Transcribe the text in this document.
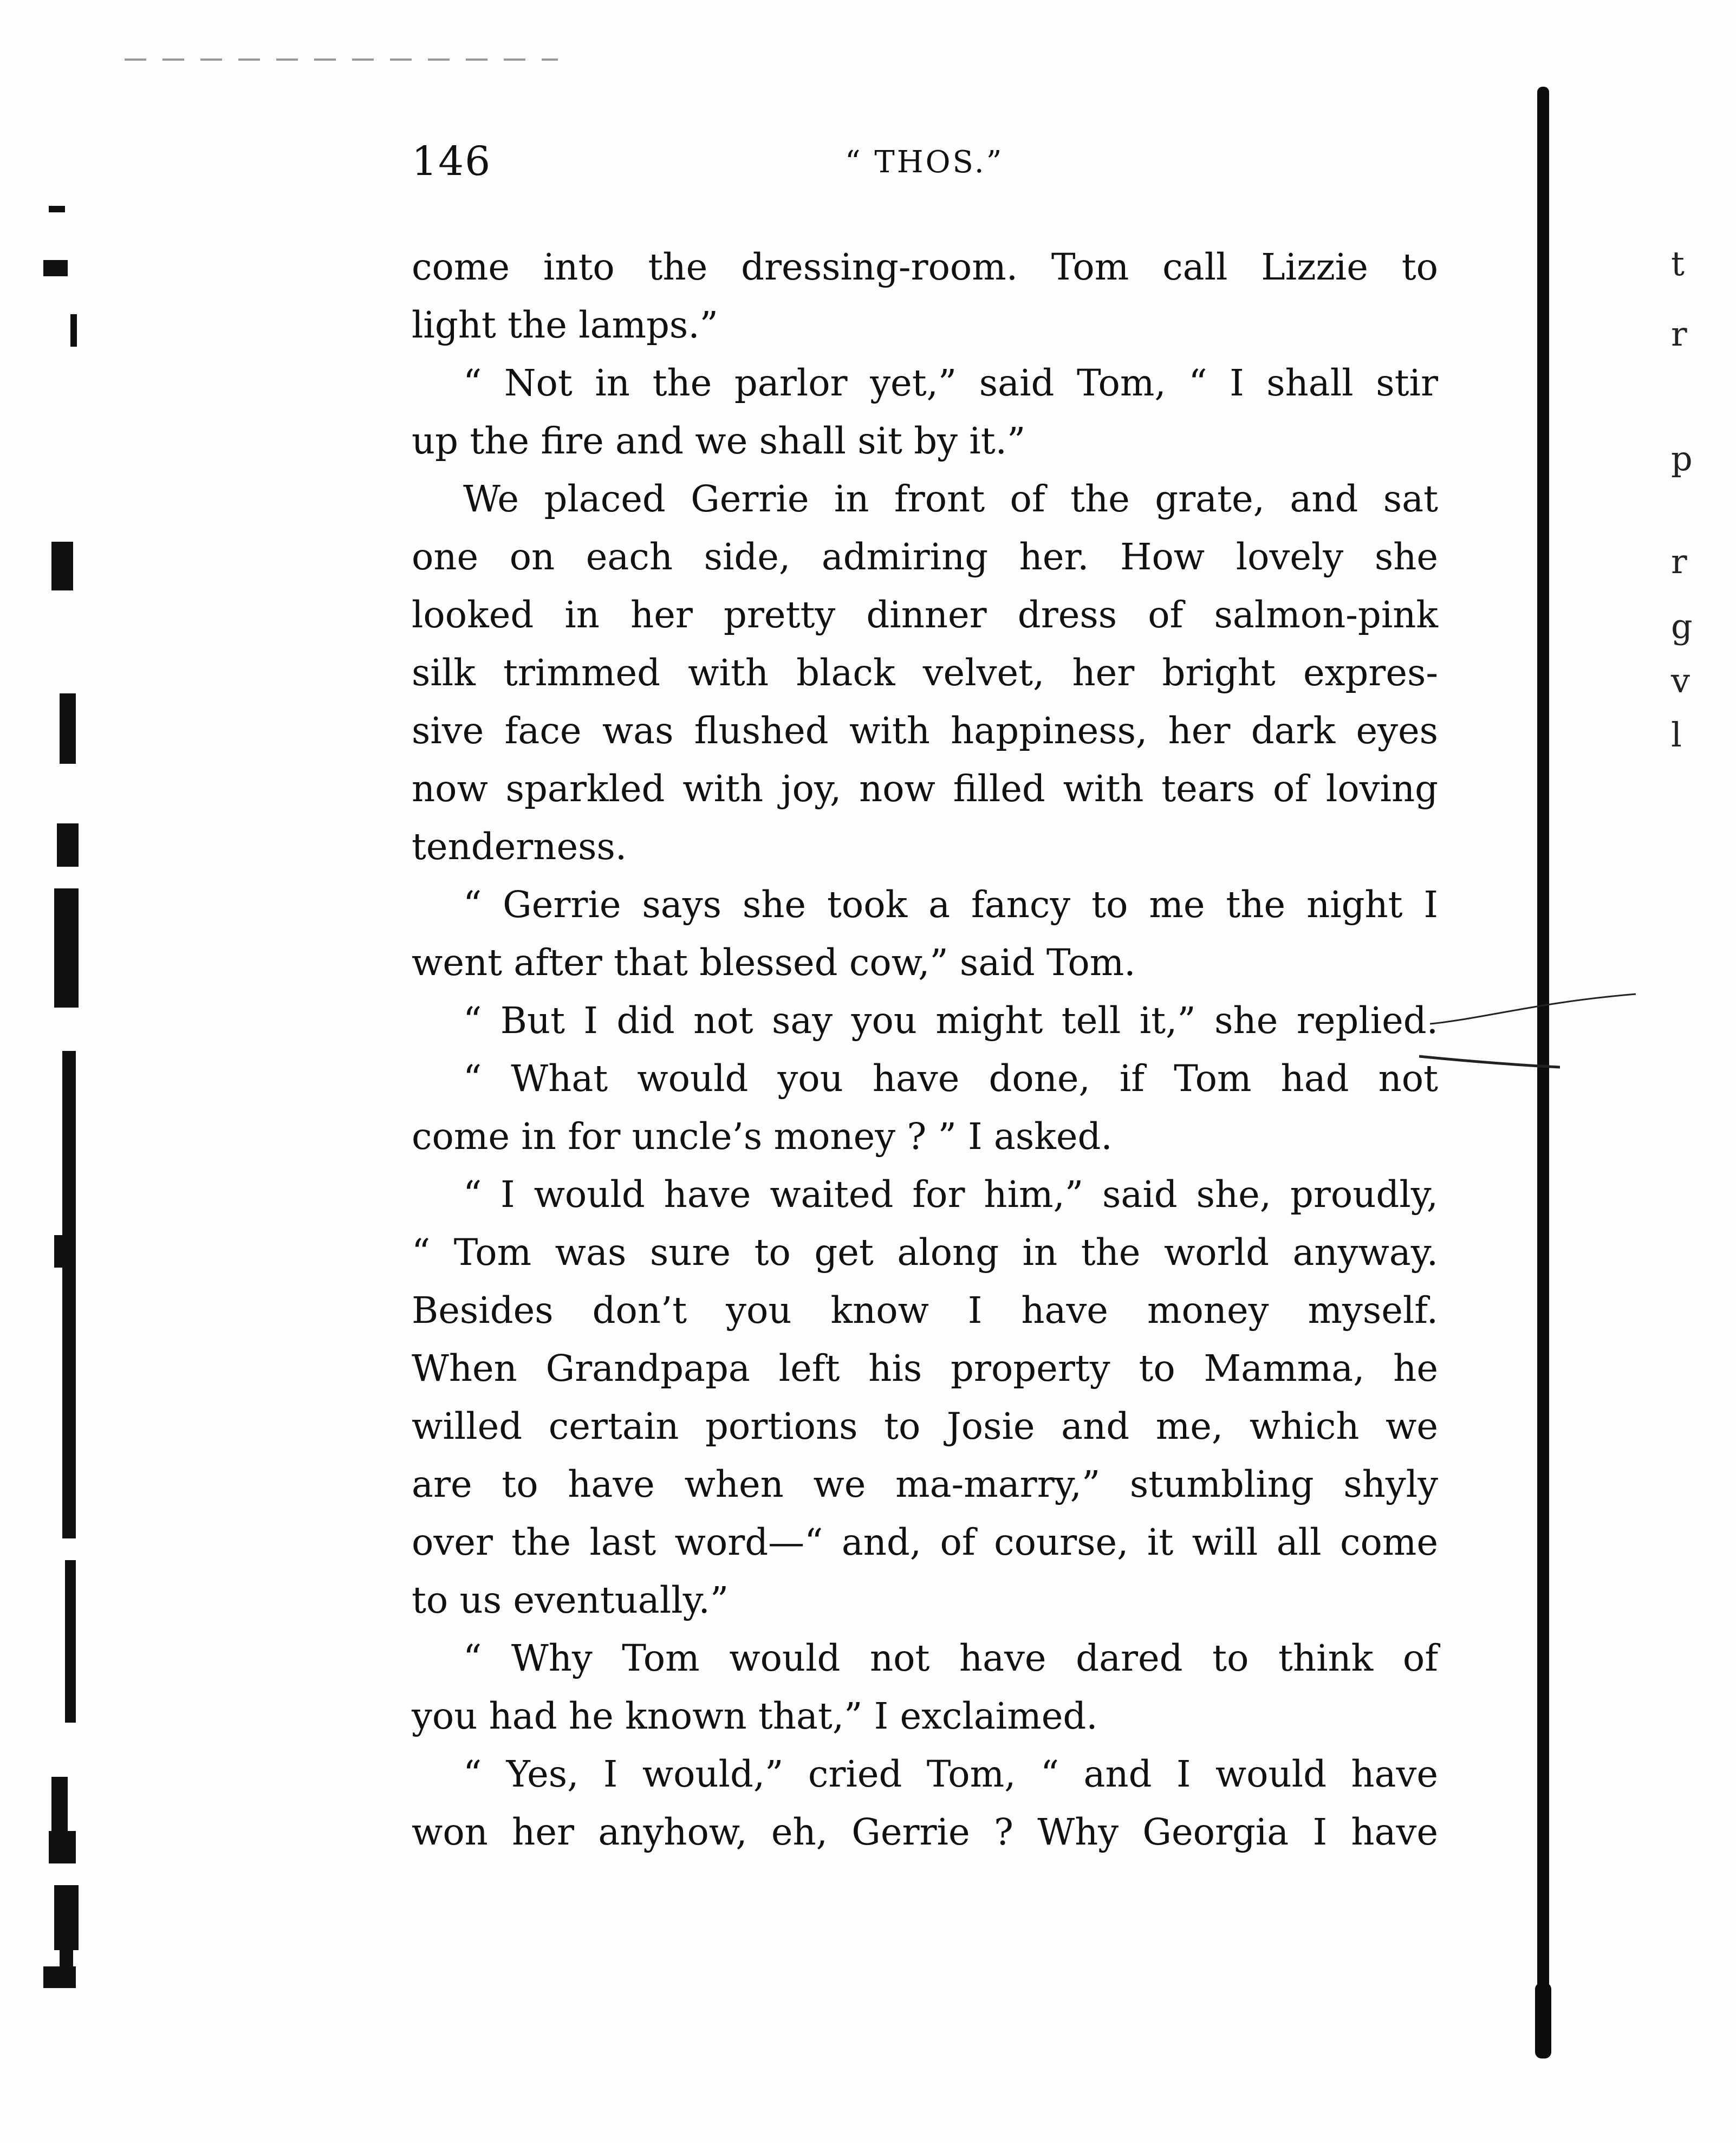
146	“ THOS.”
come into the dressing-room. Tom call Lizzie to
light the lamps.”
“ Not in the parlor yet,” said Tom, “ I shall stir
up the fire and we shall sit by it.”
We placed Gerrie in front of the grate, and sat
one on each side, admiring her. How lovely she
looked in her pretty dinner dress of salmon-pink
silk trimmed with black velvet, her bright expres-
sive face was flushed with happiness, her dark eyes
now sparkled with joy, now filled with tears of loving
tenderness.
“ Gerrie says she took a fancy to me the night I
went after that blessed cow,” said Tom.
“ But I did not say you might tell it,” she replied.
“ What would you have done, if Tom had not
come in for uncle’s money ? ” I asked.
“ I would have waited for him,” said she, proudly,
“ Tom was sure to get along in the world anyway.
Besides don’t you know I have money myself.
When Grandpapa left his property to Mamma, he
willed certain portions to Josie and me, which we
are to have when we ma-marry,” stumbling shyly
over the last word—“ and, of course, it will all come
to us eventually.”
“ Why Tom would not have dared to think of
you had he known that,” I exclaimed.
“ Yes, I would,” cried Tom, “ and I would have
won her anyhow, eh, Gerrie ? Why Georgia I have
t
r
p
r
g
v
l
